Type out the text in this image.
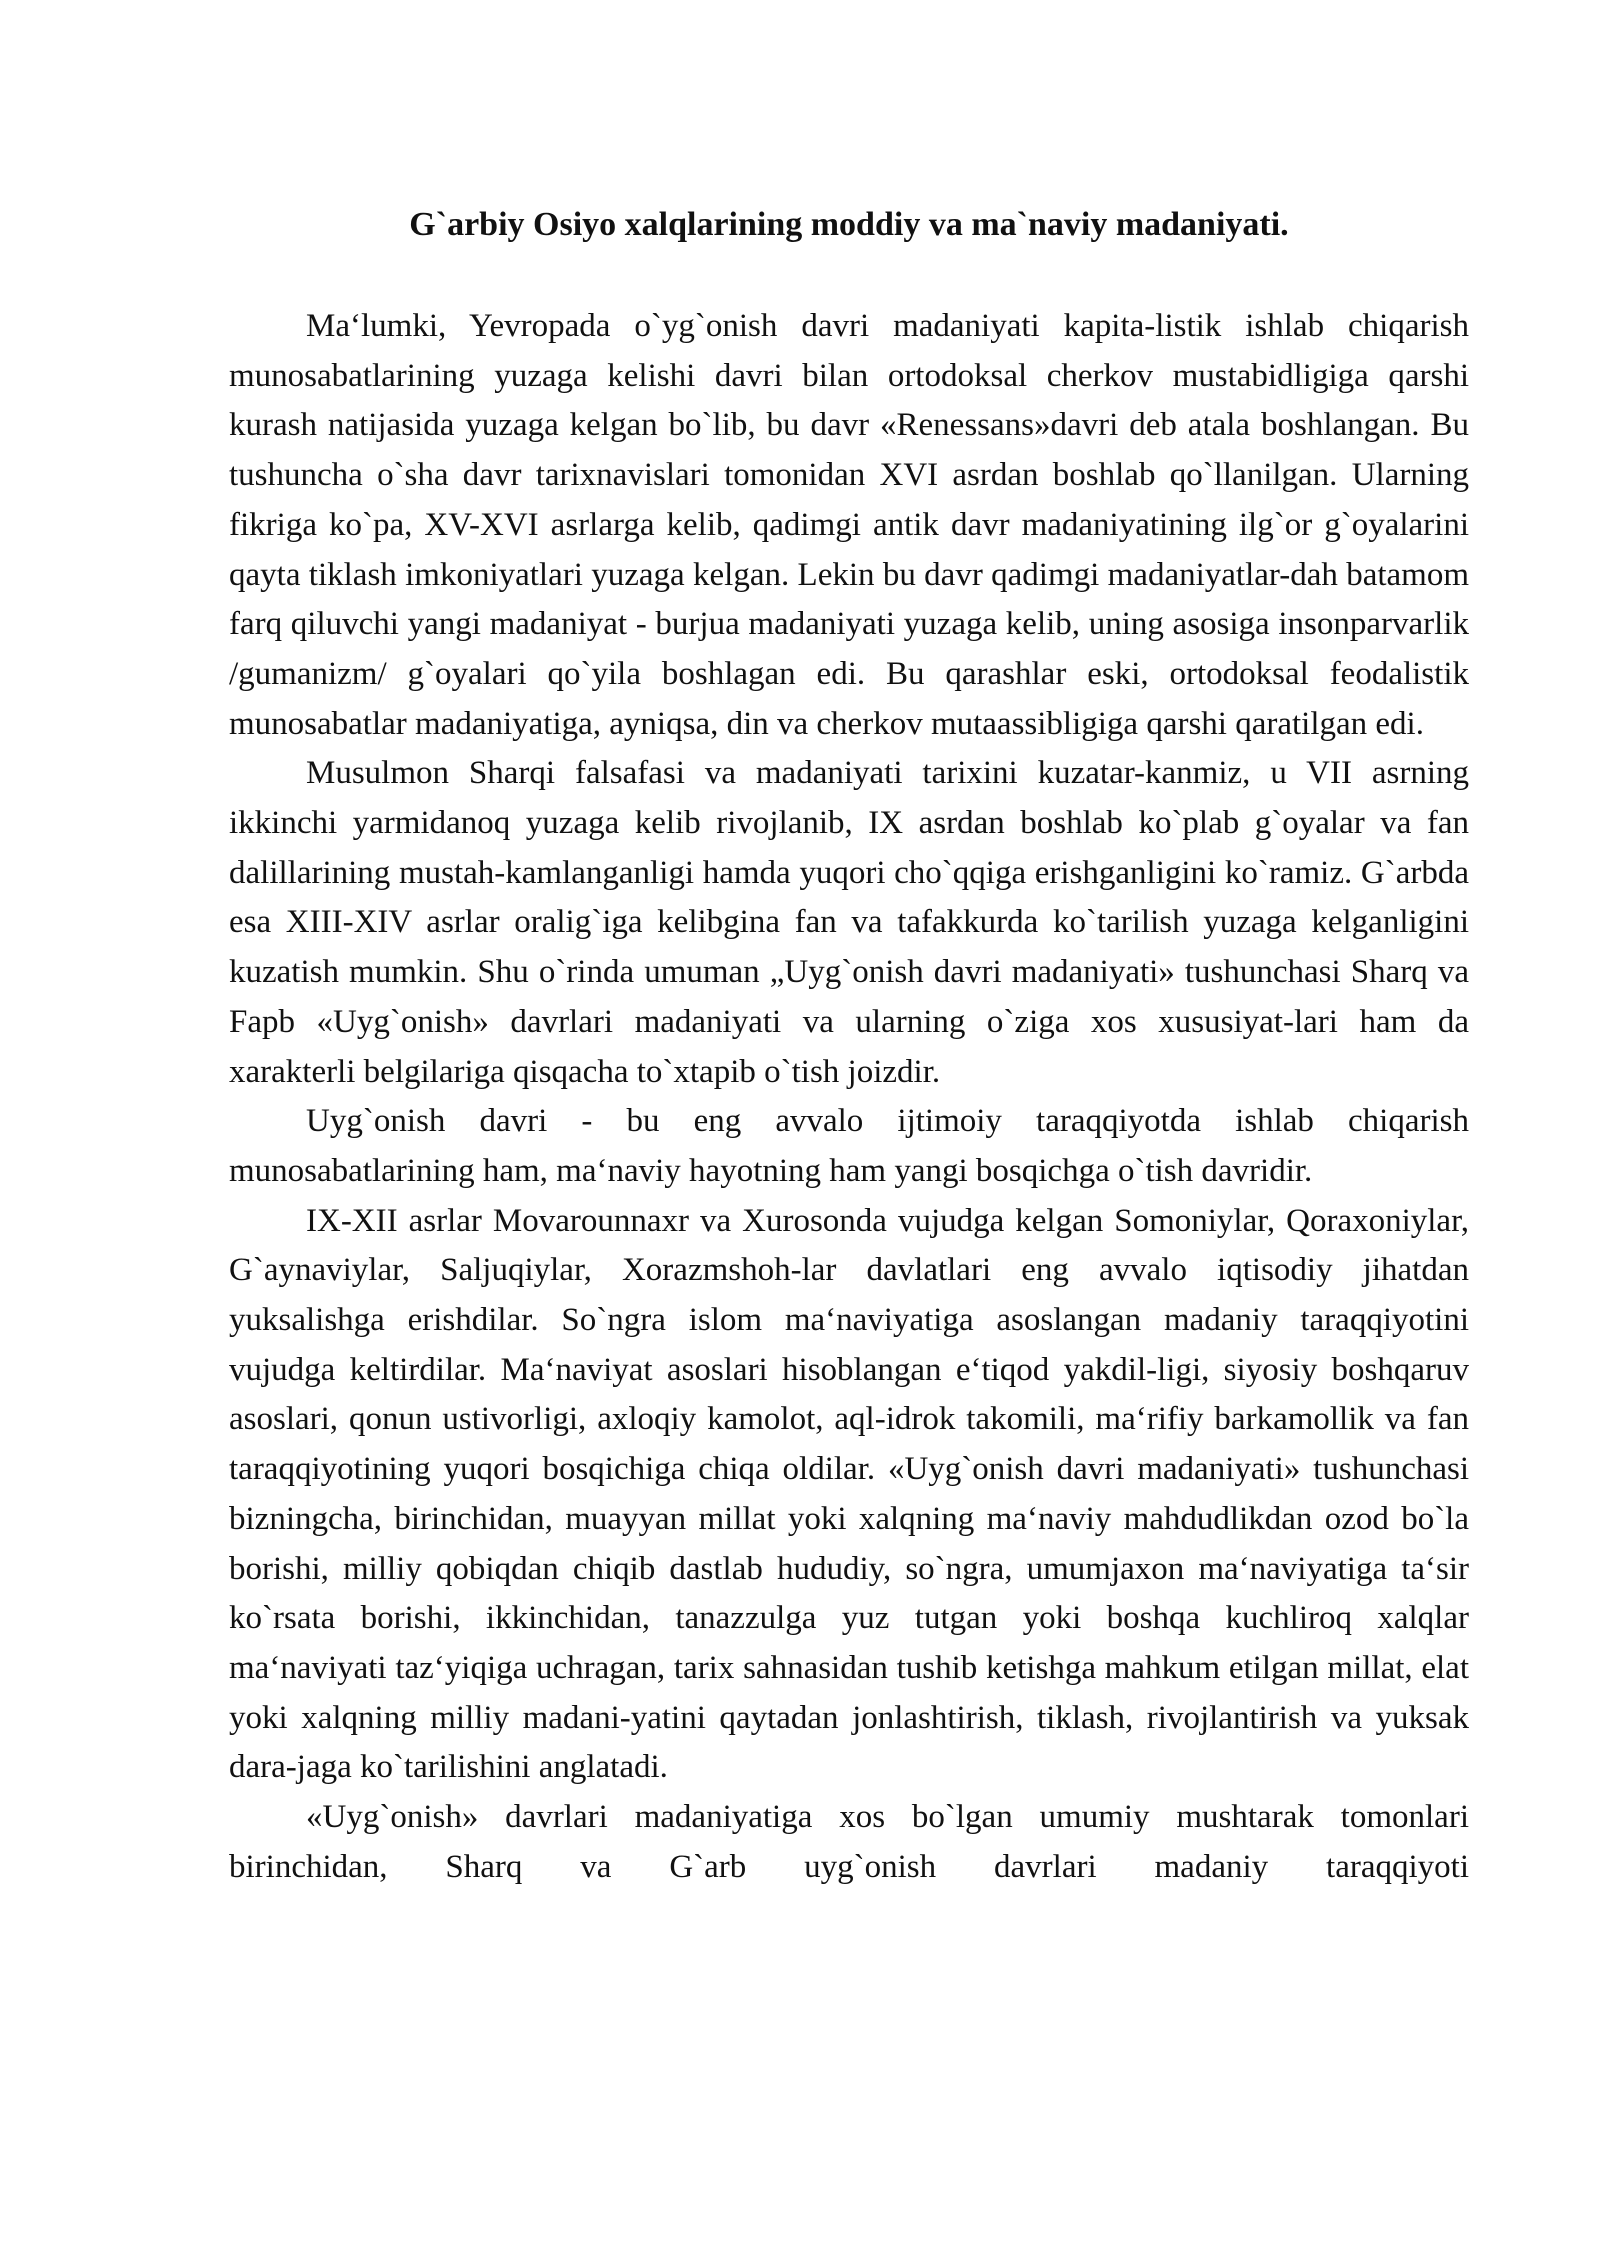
G`arbiy Osiyo xalqlarining moddiy va ma`naviy madaniyati.

Ma‘lumki, Yevropada o`yg`onish davri madaniyati kapita-listik ishlab chiqarish munosabatlarining yuzaga kelishi davri bilan ortodoksal cherkov mustabidligiga qarshi kurash natijasida yuzaga kelgan bo`lib, bu davr «Renessans»davri deb atala boshlangan. Bu tushuncha o`sha davr tarixnavislari tomonidan XVI asrdan boshlab qo`llanilgan. Ularning fikriga ko`pa, XV-XVI asrlarga kelib, qadimgi antik davr madaniyatining ilg`or g`oyalarini qayta tiklash imkoniyatlari yuzaga kelgan. Lekin bu davr qadimgi madaniyatlar-dah batamom farq qiluvchi yangi madaniyat - burjua madaniyati yuzaga kelib, uning asosiga insonparvarlik /gumanizm/ g`oyalari qo`yila boshlagan edi. Bu qarashlar eski, ortodoksal feodalistik munosabatlar madaniyatiga, ayniqsa, din va cherkov mutaassibligiga qarshi qaratilgan edi.

Musulmon Sharqi falsafasi va madaniyati tarixini kuzatar-kanmiz, u VII asrning ikkinchi yarmidanoq yuzaga kelib rivojlanib, IX asrdan boshlab ko`plab g`oyalar va fan dalillarining mustah-kamlanganligi hamda yuqori cho`qqiga erishganligini ko`ramiz. G`arbda esa XIII-XIV asrlar oralig`iga kelibgina fan va tafakkurda ko`tarilish yuzaga kelganligini kuzatish mumkin. Shu o`rinda umuman „Uyg`onish davri madaniyati» tushunchasi Sharq va Fapb «Uyg`onish» davrlari madaniyati va ularning o`ziga xos xususiyat-lari ham da xarakterli belgilariga qisqacha to`xtapib o`tish joizdir.

Uyg`onish davri - bu eng avvalo ijtimoiy taraqqiyotda ishlab chiqarish munosabatlarining ham, ma‘naviy hayotning ham yangi bosqichga o`tish davridir.

IX-XII asrlar Movarounnaxr va Xurosonda vujudga kelgan Somoniylar, Qoraxoniylar, G`aynaviylar, Saljuqiylar, Xorazmshoh-lar davlatlari eng avvalo iqtisodiy jihatdan yuksalishga erishdilar. So`ngra islom ma‘naviyatiga asoslangan madaniy taraqqiyotini vujudga keltirdilar. Ma‘naviyat asoslari hisoblangan e‘tiqod yakdil-ligi, siyosiy boshqaruv asoslari, qonun ustivorligi, axloqiy kamolot, aql-idrok takomili, ma‘rifiy barkamollik va fan taraqqiyotining yuqori bosqichiga chiqa oldilar. «Uyg`onish davri madaniyati» tushunchasi bizningcha, birinchidan, muayyan millat yoki xalqning ma‘naviy mahdudlikdan ozod bo`la borishi, milliy qobiqdan chiqib dastlab hududiy, so`ngra, umumjaxon ma‘naviyatiga ta‘sir ko`rsata borishi, ikkinchidan, tanazzulga yuz tutgan yoki boshqa kuchliroq xalqlar ma‘naviyati taz‘yiqiga uchragan, tarix sahnasidan tushib ketishga mahkum etilgan millat, elat yoki xalqning milliy madani-yatini qaytadan jonlashtirish, tiklash, rivojlantirish va yuksak dara-jaga ko`tarilishini anglatadi.

«Uyg`onish» davrlari madaniyatiga xos bo`lgan umumiy mushtarak tomonlari birinchidan, Sharq va G`arb uyg`onish davrlari madaniy taraqqiyoti
